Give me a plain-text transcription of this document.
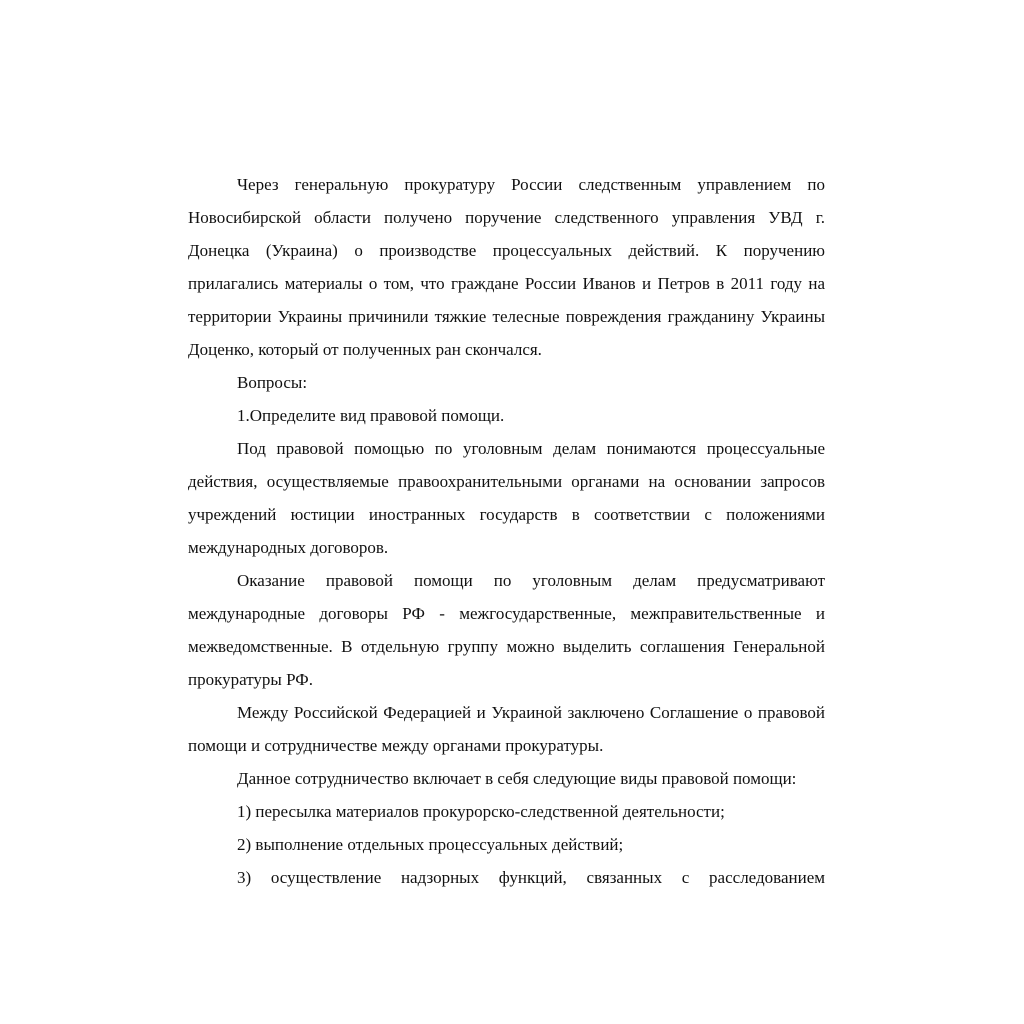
Через генеральную прокуратуру России следственным управлением по Новосибирской области получено поручение следственного управления УВД г. Донецка (Украина) о производстве процессуальных действий. К поручению прилагались материалы о том, что граждане России Иванов и Петров в 2011 году на территории Украины причинили тяжкие телесные повреждения гражданину Украины Доценко, который от полученных ран скончался.

Вопросы:

1.Определите вид правовой помощи.

Под правовой помощью по уголовным делам понимаются процессуальные действия, осуществляемые правоохранительными органами на основании запросов учреждений юстиции иностранных государств в соответствии с положениями международных договоров.

Оказание правовой помощи по уголовным делам предусматривают международные договоры РФ - межгосударственные, межправительственные и межведомственные. В отдельную группу можно выделить соглашения Генеральной прокуратуры РФ.

Между Российской Федерацией и Украиной заключено Соглашение о правовой помощи и сотрудничестве между органами прокуратуры.

Данное сотрудничество включает в себя следующие виды правовой помощи:

1) пересылка материалов прокурорско-следственной деятельности;

2) выполнение отдельных процессуальных действий;

3) осуществление надзорных функций, связанных с расследованием
